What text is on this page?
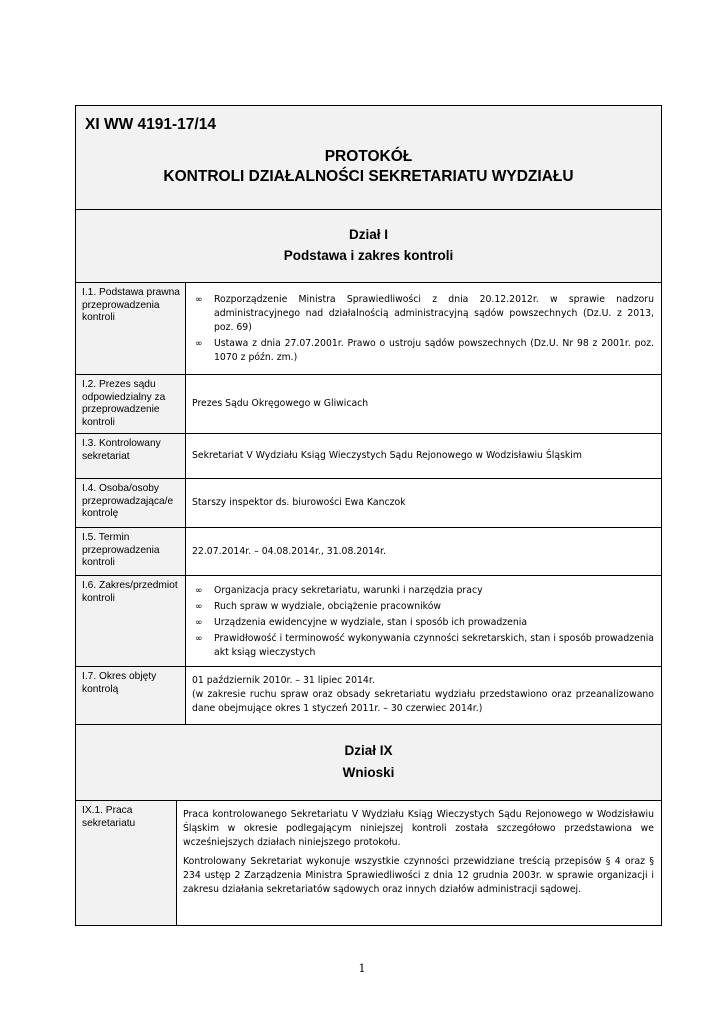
XI WW 4191-17/14
PROTOKÓŁ
KONTROLI DZIAŁALNOŚCI SEKRETARIATU WYDZIAŁU
Dział I
Podstawa i zakres kontroli
I.1. Podstawa prawna przeprowadzenia kontroli
∞ Rozporządzenie Ministra Sprawiedliwości z dnia 20.12.2012r. w sprawie nadzoru administracyjnego nad działalnością administracyjną sądów powszechnych (Dz.U. z 2013, poz. 69)
∞ Ustawa z dnia 27.07.2001r. Prawo o ustroju sądów powszechnych (Dz.U. Nr 98 z 2001r. poz. 1070 z późn. zm.)
I.2. Prezes sądu odpowiedzialny za przeprowadzenie kontroli
Prezes Sądu Okręgowego w Gliwicach
I.3. Kontrolowany sekretariat	Sekretariat V Wydziału Ksiąg Wieczystych Sądu Rejonowego w Wodzisławiu Śląskim
I.4. Osoba/osoby przeprowadzająca/e kontrolę
Starszy inspektor ds. biurowości Ewa Kanczok
I.5. Termin przeprowadzenia kontroli
22.07.2014r. – 04.08.2014r., 31.08.2014r.
I.6. Zakres/przedmiot kontroli
∞ Organizacja pracy sekretariatu, warunki i narzędzia pracy
∞ Ruch spraw w wydziale, obciążenie pracowników
∞ Urządzenia ewidencyjne w wydziale, stan i sposób ich prowadzenia
∞ Prawidłowość i terminowość wykonywania czynności sekretarskich, stan i sposób prowadzenia akt ksiąg wieczystych
I.7. Okres objęty kontrolą

01 październik 2010r. – 31 lipiec 2014r.

(w zakresie ruchu spraw oraz obsady sekretariatu wydziału przedstawiono oraz przeanalizowano dane obejmujące okres 1 styczeń 2011r. – 30 czerwiec 2014r.)

Dział IX
Wnioski
IX.1. Praca sekretariatu

Praca kontrolowanego Sekretariatu V Wydziału Ksiąg Wieczystych Sądu Rejonowego w Wodzisławiu Śląskim w okresie podlegającym niniejszej kontroli została szczegółowo przedstawiona we wcześniejszych działach niniejszego protokołu.

Kontrolowany Sekretariat wykonuje wszystkie czynności przewidziane treścią przepisów § 4 oraz § 234 ustęp 2 Zarządzenia Ministra Sprawiedliwości z dnia 12 grudnia 2003r. w sprawie organizacji i zakresu działania sekretariatów sądowych oraz innych działów administracji sądowej.

1
